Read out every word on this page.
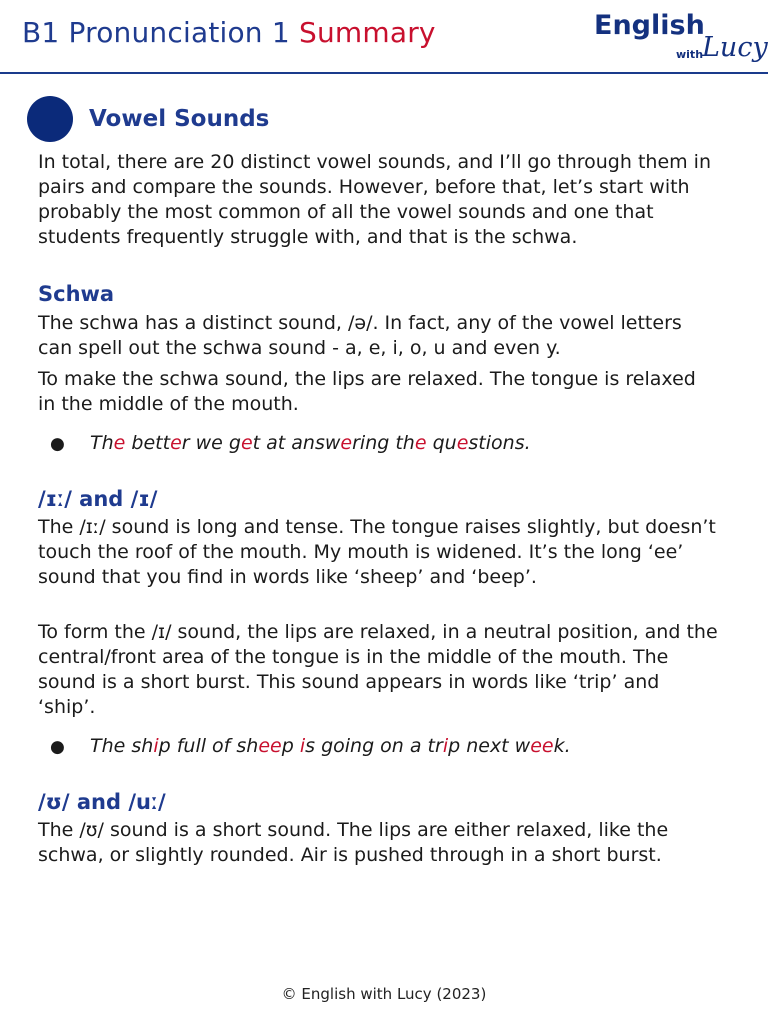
B1 Pronunciation 1 Summary	English
with
Lucy
Vowel Sounds

In total, there are 20 distinct vowel sounds, and I’ll go through them in pairs and compare the sounds. However, before that, let’s start with probably the most common of all the vowel sounds and one that students frequently struggle with, and that is the schwa.

Schwa

The schwa has a distinct sound, /ə/. In fact, any of the vowel letters can spell out the schwa sound - a, e, i, o, u and even y.

To make the schwa sound, the lips are relaxed. The tongue is relaxed in the middle of the mouth.

●	The better we get at answering the questions.
/ɪː/ and /ɪ/

The /ɪː/ sound is long and tense. The tongue raises slightly, but doesn’t touch the roof of the mouth. My mouth is widened. It’s the long ‘ee’ sound that you find in words like ‘sheep’ and ‘beep’.

To form the /ɪ/ sound, the lips are relaxed, in a neutral position, and the central/front area of the tongue is in the middle of the mouth. The sound is a short burst. This sound appears in words like ‘trip’ and ‘ship’.

●	The ship full of sheep is going on a trip next week.
/ʊ/ and /uː/

The /ʊ/ sound is a short sound. The lips are either relaxed, like the schwa, or slightly rounded. Air is pushed through in a short burst.

© English with Lucy (2023)
